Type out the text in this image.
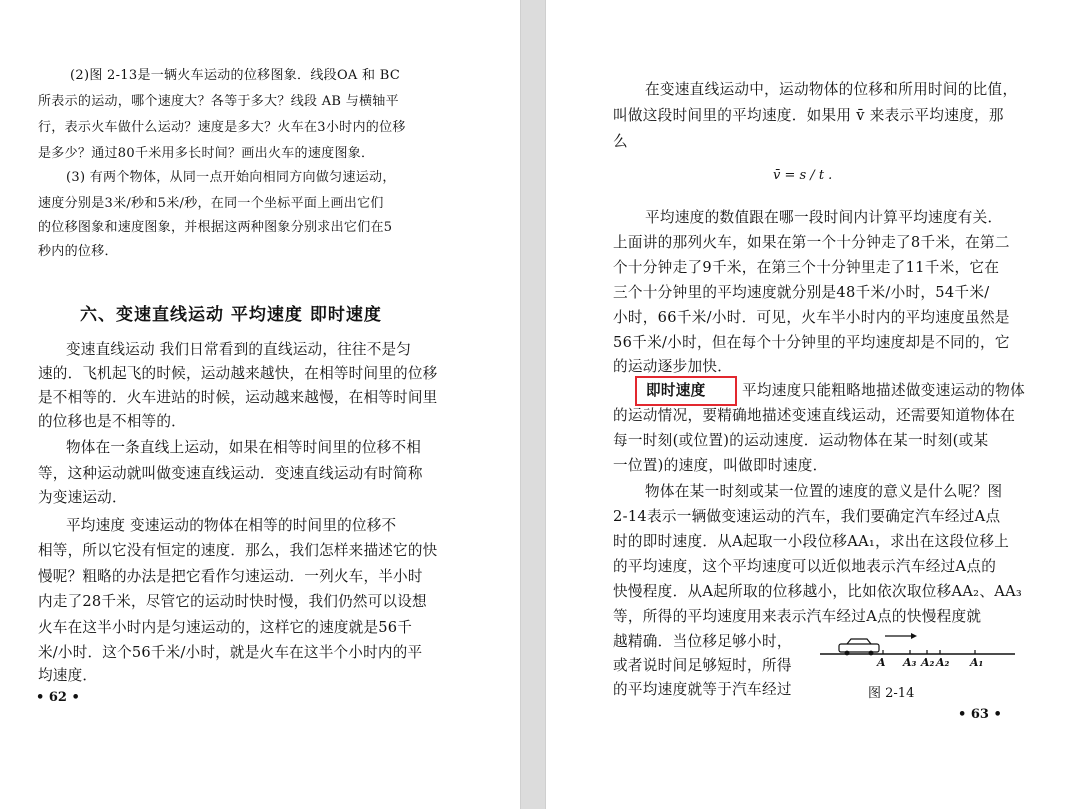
(2)图 2-13是一辆火车运动的位移图象．线段OA 和 BC
所表示的运动，哪个速度大？各等于多大？线段 AB 与横轴平
行，表示火车做什么运动？速度是多大？火车在3小时内的位移
是多少？通过80千米用多长时间？画出火车的速度图象．
(3) 有两个物体，从同一点开始向相同方向做匀速运动，
速度分别是3米/秒和5米/秒，在同一个坐标平面上画出它们
的位移图象和速度图象，并根据这两种图象分别求出它们在5
秒内的位移．
六、变速直线运动 平均速度 即时速度
变速直线运动 我们日常看到的直线运动，往往不是匀
速的．飞机起飞的时候，运动越来越快，在相等时间里的位移
是不相等的．火车进站的时候，运动越来越慢，在相等时间里
的位移也是不相等的．
物体在一条直线上运动，如果在相等时间里的位移不相
等，这种运动就叫做变速直线运动．变速直线运动有时简称
为变速运动．
平均速度 变速运动的物体在相等的时间里的位移不
相等，所以它没有恒定的速度．那么，我们怎样来描述它的快
慢呢？粗略的办法是把它看作匀速运动．一列火车，半小时
内走了28千米，尽管它的运动时快时慢，我们仍然可以设想
火车在这半小时内是匀速运动的，这样它的速度就是56千
米/小时．这个56千米/小时，就是火车在这半个小时内的平
均速度．
• 62 •
在变速直线运动中，运动物体的位移和所用时间的比值，
叫做这段时间里的平均速度．如果用 v̄ 来表示平均速度，那
么
v̄ = s / t .
平均速度的数值跟在哪一段时间内计算平均速度有关．
上面讲的那列火车，如果在第一个十分钟走了8千米，在第二
个十分钟走了9千米，在第三个十分钟里走了11千米，它在
三个十分钟里的平均速度就分别是48千米/小时，54千米/
小时，66千米/小时．可见，火车半小时内的平均速度虽然是
56千米/小时，但在每个十分钟里的平均速度却是不同的，它
的运动逐步加快．
即时速度 平均速度只能粗略地描述做变速运动的物体
的运动情况，要精确地描述变速直线运动，还需要知道物体在
每一时刻(或位置)的运动速度．运动物体在某一时刻(或某
一位置)的速度，叫做即时速度．
物体在某一时刻或某一位置的速度的意义是什么呢？图
2-14表示一辆做变速运动的汽车，我们要确定汽车经过A点
时的即时速度．从A起取一小段位移AA₁，求出在这段位移上
的平均速度，这个平均速度可以近似地表示汽车经过A点的
快慢程度．从A起所取的位移越小，比如依次取位移AA₂、AA₃
等，所得的平均速度用来表示汽车经过A点的快慢程度就
越精确．当位移足够小时，
或者说时间足够短时，所得
的平均速度就等于汽车经过
A A₃ A₂ A₂ A₁
图 2-14
• 63 •
